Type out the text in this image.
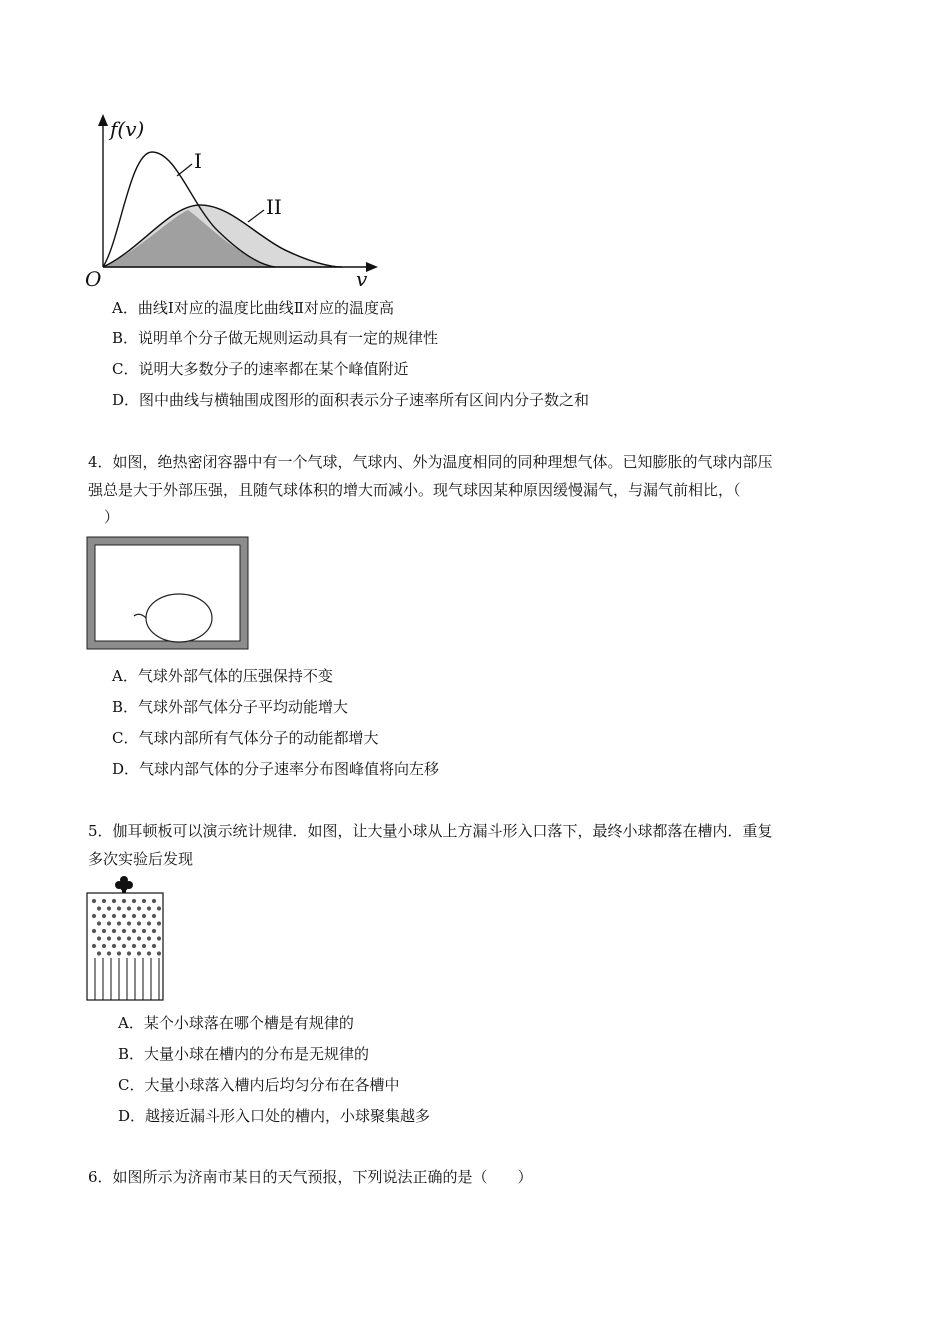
f(v)
v
O
I
II
A．曲线Ⅰ对应的温度比曲线Ⅱ对应的温度高
B．说明单个分子做无规则运动具有一定的规律性
C．说明大多数分子的速率都在某个峰值附近
D．图中曲线与横轴围成图形的面积表示分子速率所有区间内分子数之和
4．如图，绝热密闭容器中有一个气球，气球内、外为温度相同的同种理想气体。已知膨胀的气球内部压
强总是大于外部压强，且随气球体积的增大而减小。现气球因某种原因缓慢漏气，与漏气前相比，（
）
A．气球外部气体的压强保持不变
B．气球外部气体分子平均动能增大
C．气球内部所有气体分子的动能都增大
D．气球内部气体的分子速率分布图峰值将向左移
5．伽耳顿板可以演示统计规律．如图，让大量小球从上方漏斗形入口落下，最终小球都落在槽内．重复
多次实验后发现
A．某个小球落在哪个槽是有规律的
B．大量小球在槽内的分布是无规律的
C．大量小球落入槽内后均匀分布在各槽中
D．越接近漏斗形入口处的槽内，小球聚集越多
6．如图所示为济南市某日的天气预报，下列说法正确的是（　　）
